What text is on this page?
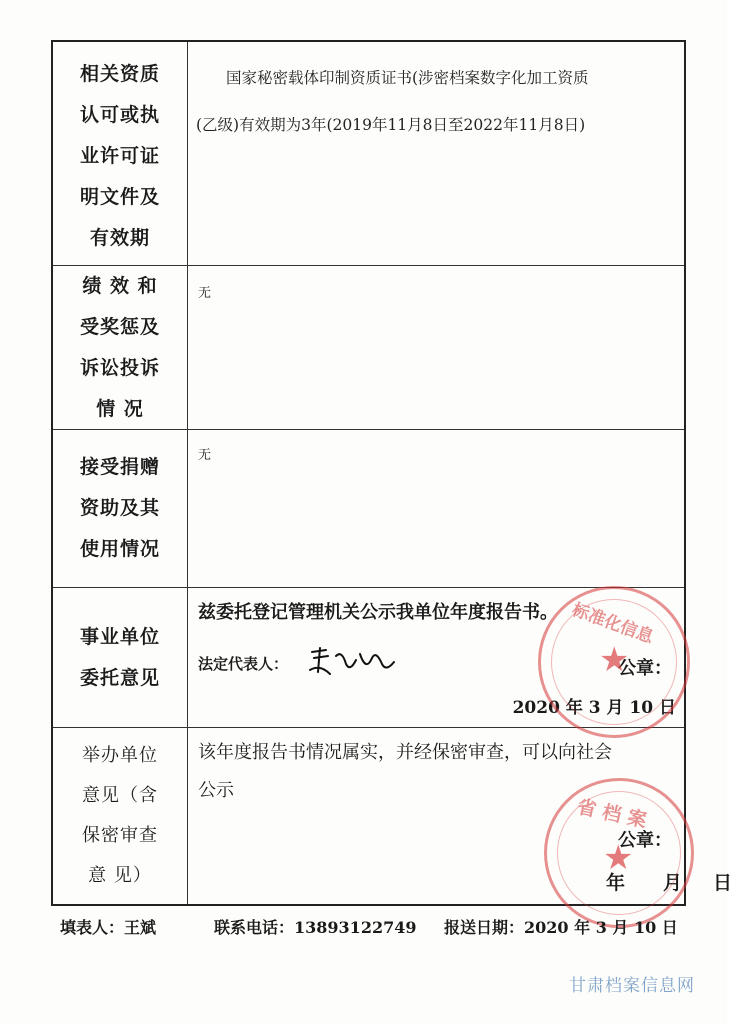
相关资质
认可或执
业许可证
明文件及
有效期
国家秘密载体印制资质证书(涉密档案数字化加工资质
(乙级)有效期为3年(2019年11月8日至2022年11月8日)
绩 效 和
受奖惩及
诉讼投诉
情 况
无
接受捐赠
资助及其
使用情况
无
事业单位
委托意见
兹委托登记管理机关公示我单位年度报告书。
法定代表人：	公章：
2020 年 3 月 10 日
举办单位
意见（含
保密审查
意 见）
该年度报告书情况属实，并经保密审查，可以向社会
公示
公章：
年 月 日
标准化信息
★
省 档 案
★
填表人：王斌	联系电话：13893122749 报送日期：2020 年 3 月 10 日
甘肃档案信息网
